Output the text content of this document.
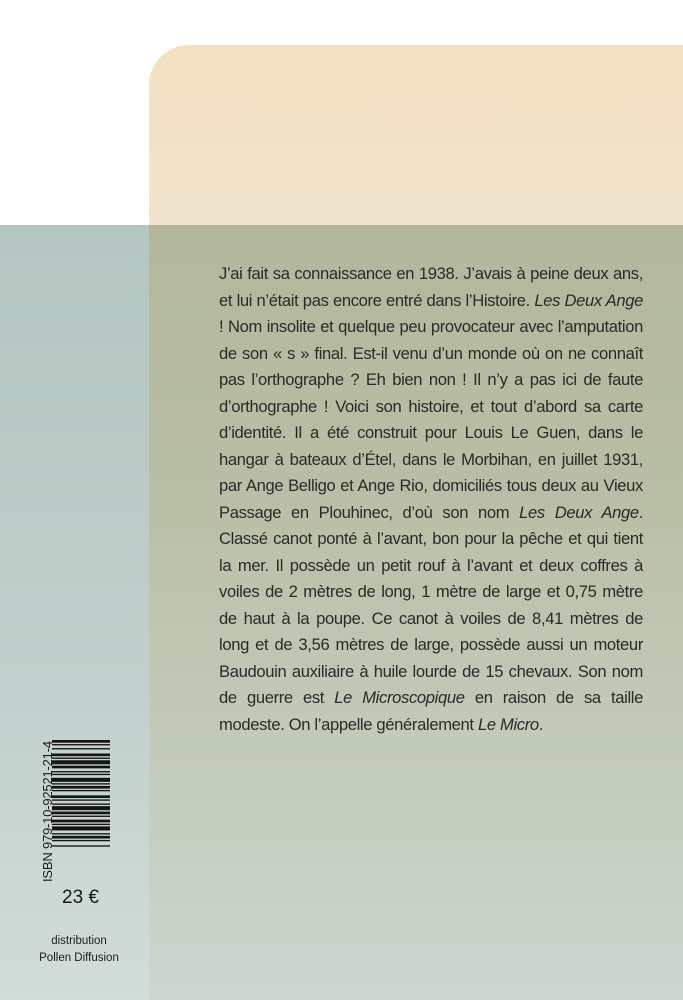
J’ai fait sa connaissance en 1938. J’avais à peine deux ans, et lui n’était pas encore entré dans l’Histoire. Les Deux Ange ! Nom insolite et quelque peu provocateur avec l’amputation de son « s » final. Est-il venu d’un monde où on ne connaît pas l’orthographe ? Eh bien non ! Il n’y a pas ici de faute d’orthographe ! Voici son histoire, et tout d’abord sa carte d’identité. Il a été construit pour Louis Le Guen, dans le hangar à bateaux d’Étel, dans le Morbihan, en juillet 1931, par Ange Belligo et Ange Rio, domiciliés tous deux au Vieux Passage en Plouhinec, d’où son nom Les Deux Ange. Classé canot ponté à l’avant, bon pour la pêche et qui tient la mer. Il possède un petit rouf à l’avant et deux coffres à voiles de 2 mètres de long, 1 mètre de large et 0,75 mètre de haut à la poupe. Ce canot à voiles de 8,41 mètres de long et de 3,56 mètres de large, possède aussi un moteur Baudouin auxiliaire à huile lourde de 15 chevaux. Son nom de guerre est Le Microscopique en raison de sa taille modeste. On l’appelle généralement Le Micro.

ISBN 979-10-92521-21-4
23 €
distribution
Pollen Diffusion
